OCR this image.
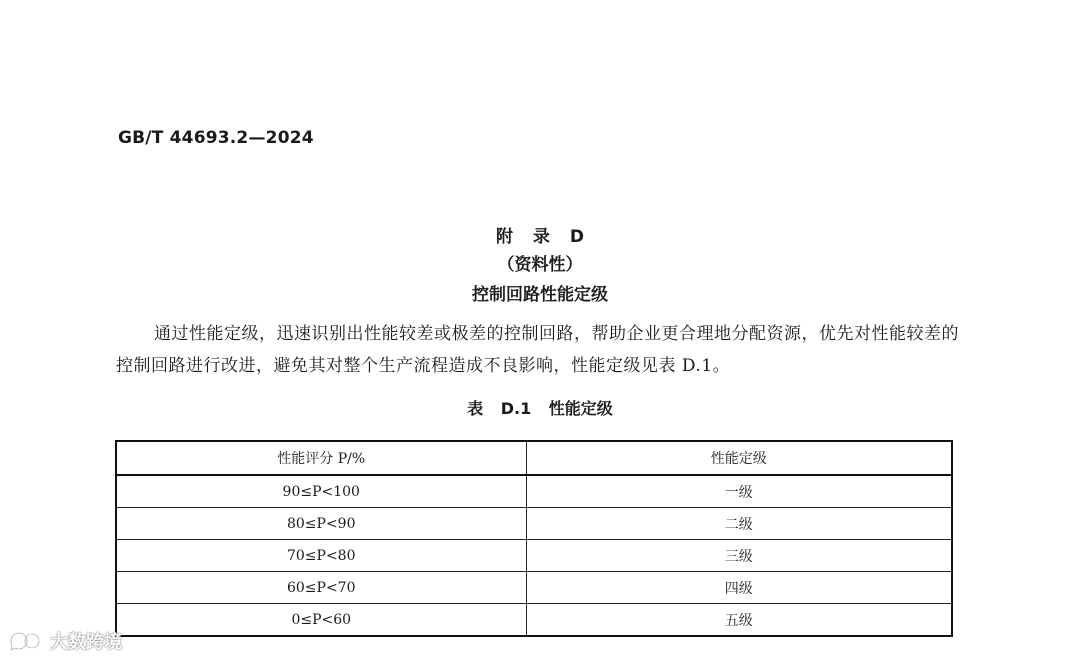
GB/T 44693.2—2024
附 录 D
（资料性）
控制回路性能定级
通过性能定级，迅速识别出性能较差或极差的控制回路，帮助企业更合理地分配资源，优先对性能较差的控制回路进行改进，避免其对整个生产流程造成不良影响，性能定级见表 D.1。
表 D.1 性能定级
性能评分 P/%	性能定级
90≤P<100	一级
80≤P<90	二级
70≤P<80	三级
60≤P<70	四级
0≤P<60	五级
大数跨境
